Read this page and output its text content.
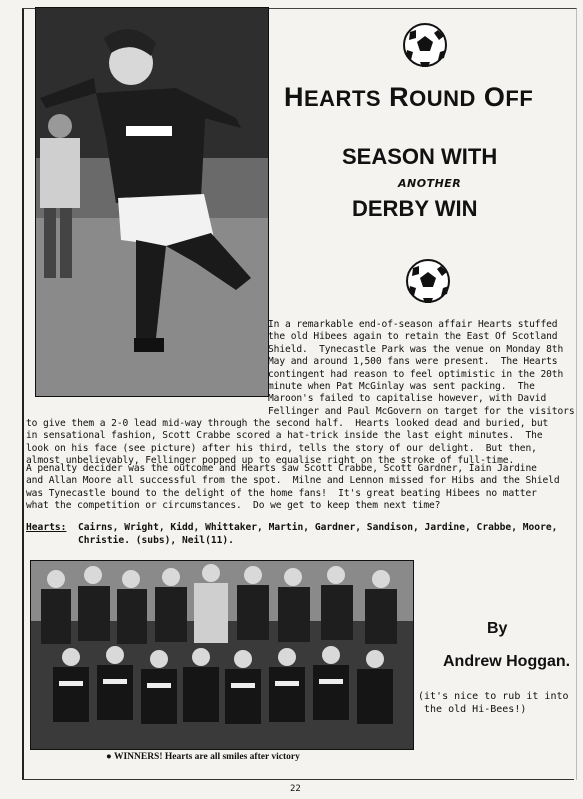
HEARTS ROUND OFF
SEASON WITH
ANOTHER
DERBY WIN
In a remarkable end-of-season affair Hearts stuffed
the old Hibees again to retain the East Of Scotland
Shield.  Tynecastle Park was the venue on Monday 8th
May and around 1,500 fans were present.  The Hearts
contingent had reason to feel optimistic in the 20th
minute when Pat McGinlay was sent packing.  The
Maroon's failed to capitalise however, with David
Fellinger and Paul McGovern on target for the visitors
to give them a 2-0 lead mid-way through the second half.  Hearts looked dead and buried, but
in sensational fashion, Scott Crabbe scored a hat-trick inside the last eight minutes.  The
look on his face (see picture) after his third, tells the story of our delight.  But then,
almost unbelievably, Fellinger popped up to equalise right on the stroke of full-time.
A penalty decider was the outcome and Hearts saw Scott Crabbe, Scott Gardner, Iain Jardine
and Allan Moore all successful from the spot.  Milne and Lennon missed for Hibs and the Shield
was Tynecastle bound to the delight of the home fans!  It's great beating Hibees no matter
what the competition or circumstances.  Do we get to keep them next time?
Hearts: Cairns, Wright, Kidd, Whittaker, Martin, Gardner, Sandison, Jardine, Crabbe, Moore,
Christie. (subs), Neil(11).
● WINNERS! Hearts are all smiles after victory
By
Andrew Hoggan.
(it's nice to rub it into
the old Hi-Bees!)
22
